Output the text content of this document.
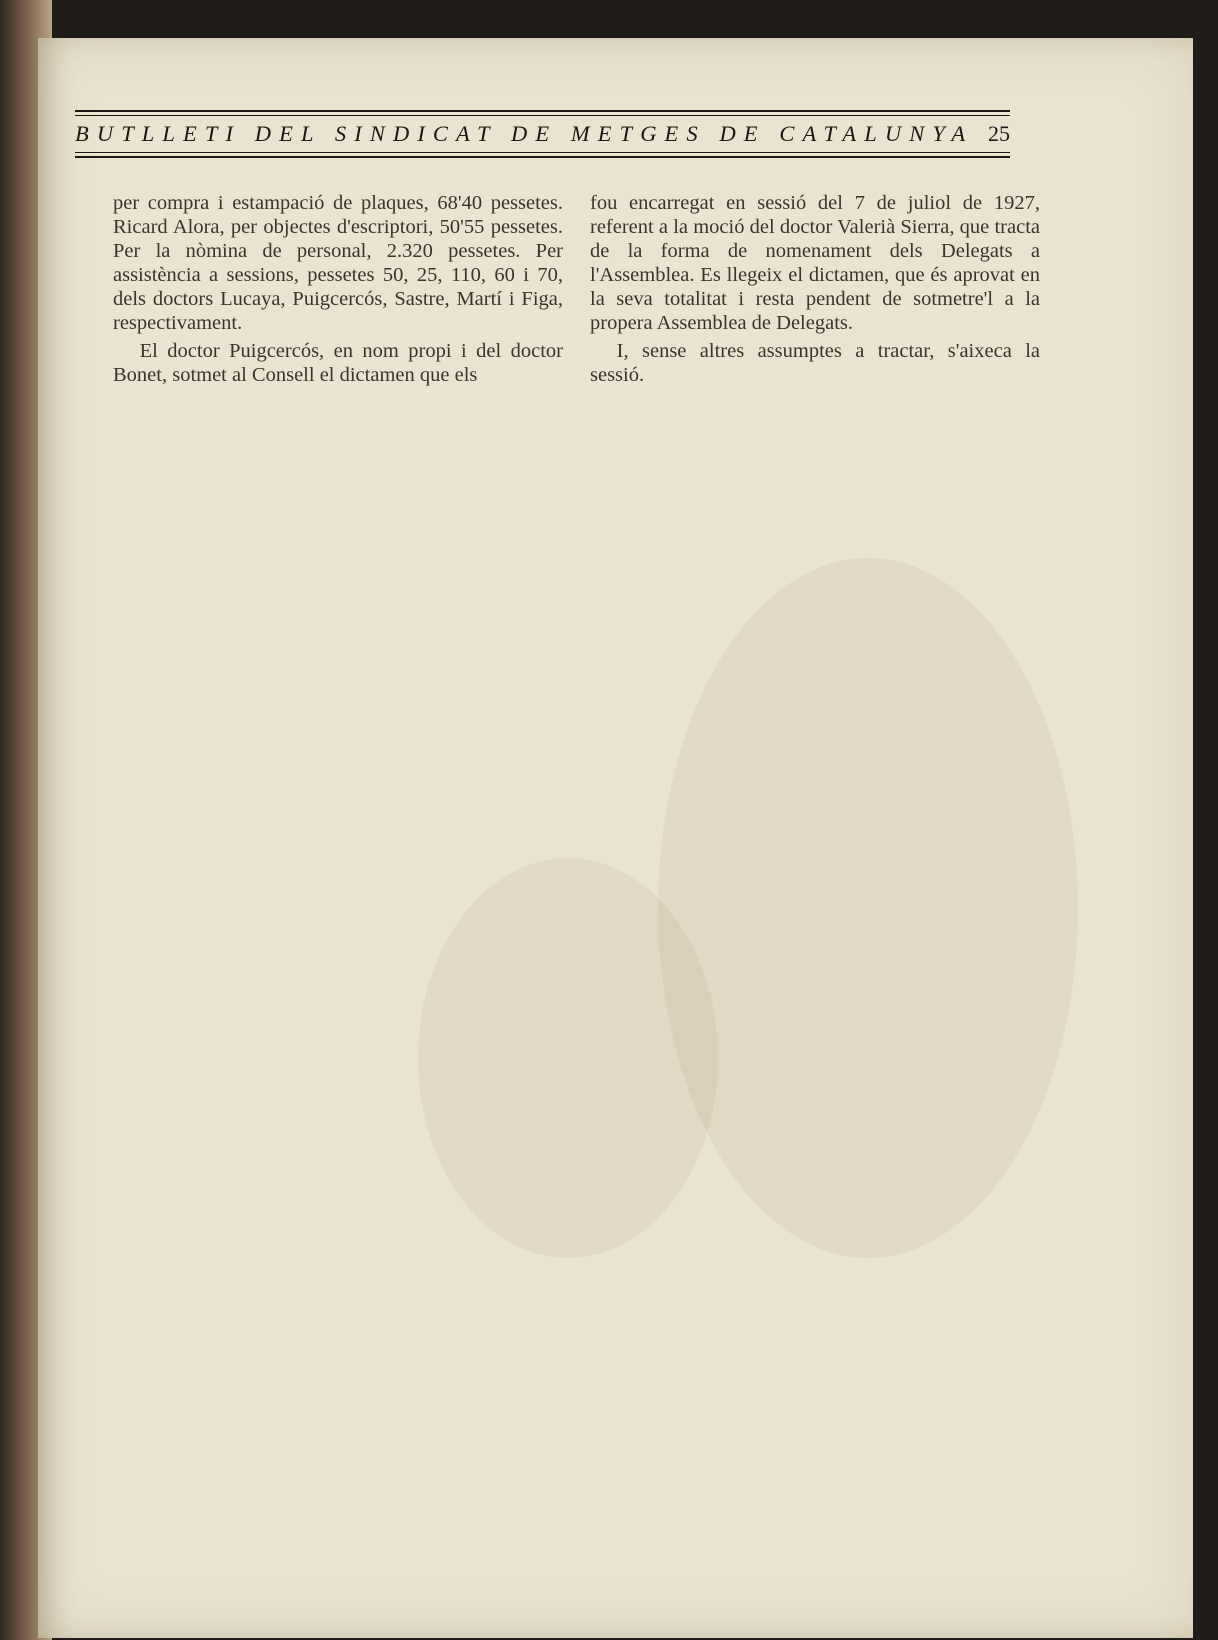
BUTLLETI DEL SINDICAT DE METGES DE CATALUNYA 25

per compra i estampació de plaques, 68'40 pessetes. Ricard Alora, per objectes d'escriptori, 50'55 pessetes. Per la nòmina de personal, 2.320 pessetes. Per assistència a sessions, pessetes 50, 25, 110, 60 i 70, dels doctors Lucaya, Puigcercós, Sastre, Martí i Figa, respectivament.

El doctor Puigcercós, en nom propi i del doctor Bonet, sotmet al Consell el dictamen que els

fou encarregat en sessió del 7 de juliol de 1927, referent a la moció del doctor Valerià Sierra, que tracta de la forma de nomenament dels Delegats a l'Assemblea. Es llegeix el dictamen, que és aprovat en la seva totalitat i resta pendent de sotmetre'l a la propera Assemblea de Delegats.

I, sense altres assumptes a tractar, s'aixeca la sessió.
